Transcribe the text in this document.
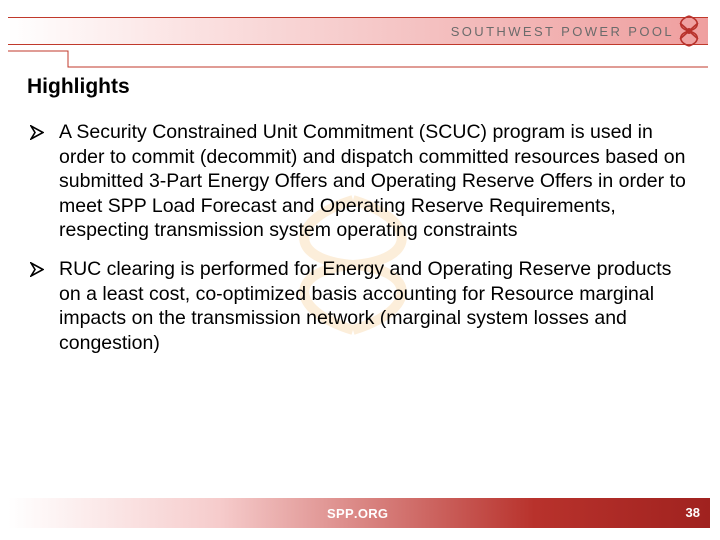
SOUTHWEST POWER POOL
Highlights
A Security Constrained Unit Commitment (SCUC) program is used in order to commit (decommit) and dispatch committed resources based on submitted 3-Part Energy Offers and Operating Reserve Offers in order to meet SPP Load Forecast and Operating Reserve Requirements, respecting transmission system operating constraints
RUC clearing is performed for Energy and Operating Reserve products on a least cost, co-optimized basis accounting for Resource marginal impacts on the transmission network (marginal system losses and congestion)
SPP.ORG	38
